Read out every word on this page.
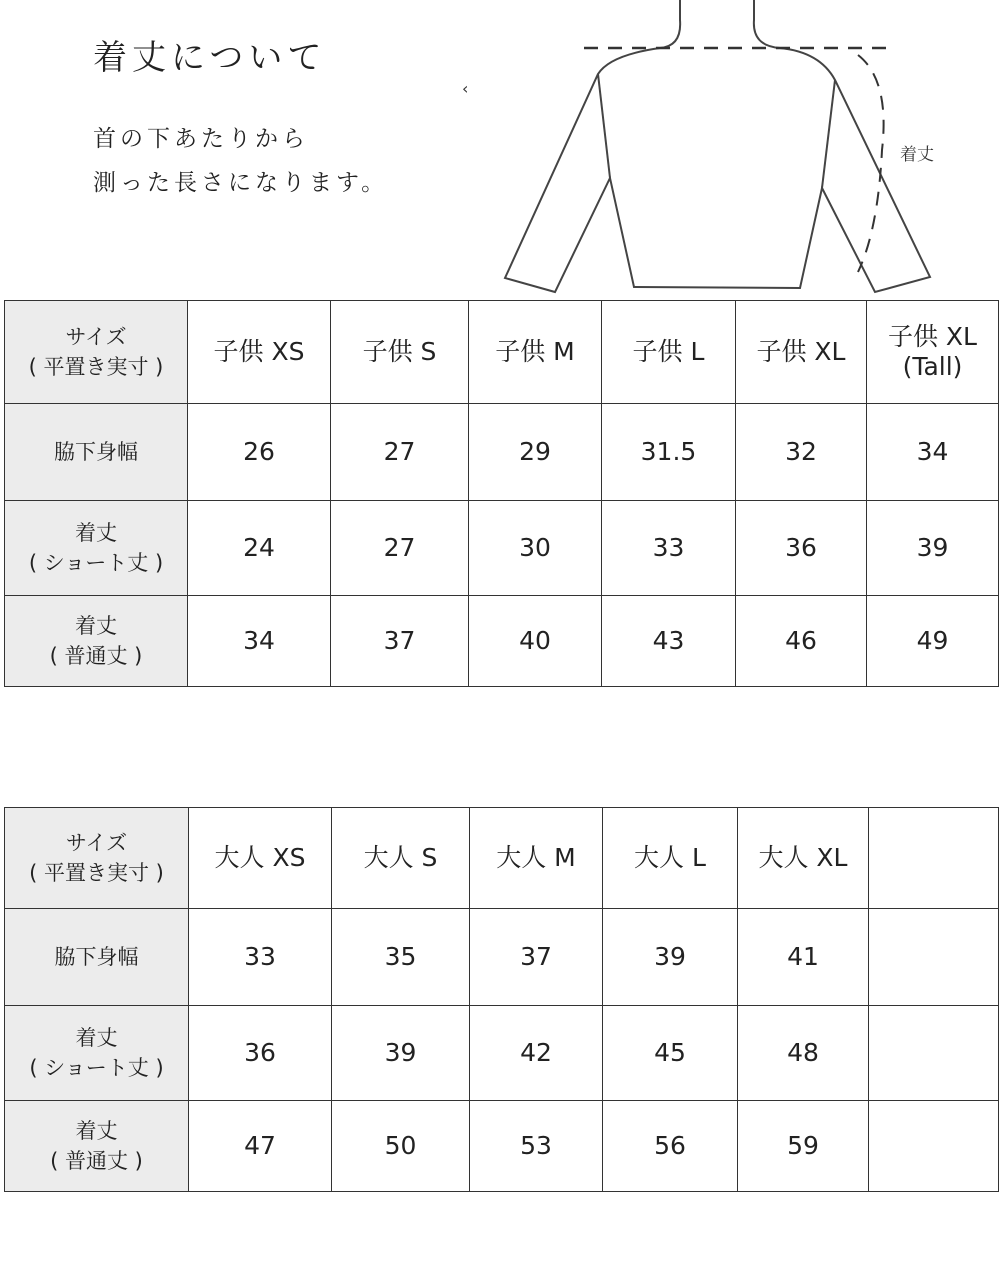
着丈について
首の下あたりから
測った長さになります。
着丈
‹
サイズ
( 平置き実寸 )	子供 XS	子供 S	子供 M	子供 L	子供 XL	子供 XL
(Tall)

脇下身幅	26	27	29	31.5	32	34

着丈
( ショート丈 )	24	27	30	33	36	39

着丈
( 普通丈 )	34	37	40	43	46	49
サイズ
( 平置き実寸 )	大人 XS	大人 S	大人 M	大人 L	大人 XL	
脇下身幅	33	35	37	39	41	

着丈
( ショート丈 )	36	39	42	45	48	

着丈
( 普通丈 )	47	50	53	56	59	
